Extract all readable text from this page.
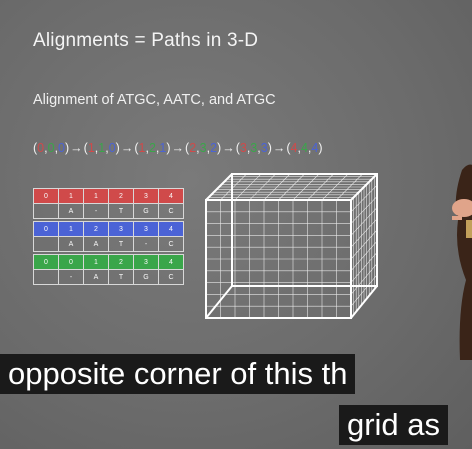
Alignments = Paths in 3-D
Alignment of ATGC, AATC, and ATGC
(0,0,0)→(1,1,0)→(1,2,1)→(2,3,2)→(3,3,3)→(4,4,4)
0	1	1	2	3	4
	A	-	T	G	C

0	1	2	3	3	4
	A	A	T	-	C

0	0	1	2	3	4
	-	A	T	G	C
opposite corner of this th
grid as
